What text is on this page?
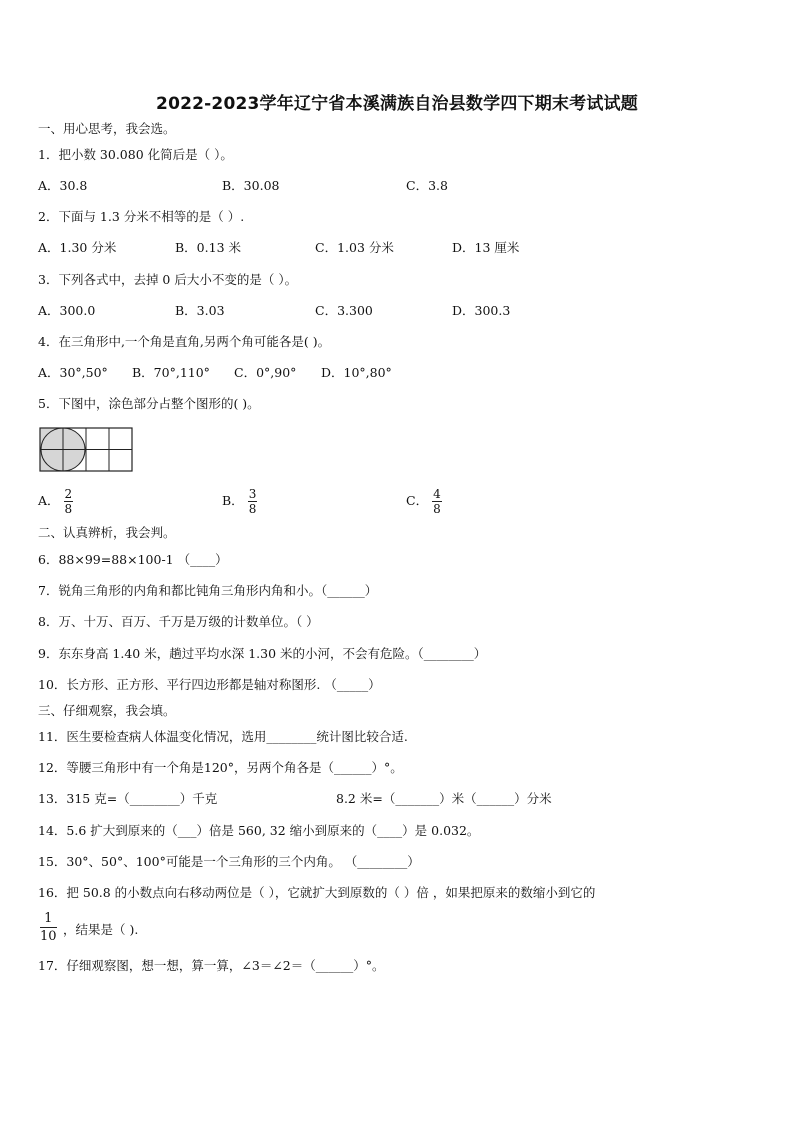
2022-2023学年辽宁省本溪满族自治县数学四下期末考试试题
一、用心思考，我会选。
1．把小数 30.080 化简后是（ ）。
A．30.8	B．30.08	C．3.8
2．下面与 1.3 分米不相等的是（ ）.
A．1.30 分米	B．0.13 米	C．1.03 分米	D．13 厘米
3．下列各式中，去掉 0 后大小不变的是（ ）。
A．300.0	B．3.03	C．3.300	D．300.3
4．在三角形中,一个角是直角,另两个角可能各是( )。
A．30°,50° B．70°,110° C．0°,90° D．10°,80°
5．下图中，涂色部分占整个图形的( )。
A． $\frac{2}{8}$	B． $\frac{3}{8}$	C． $\frac{4}{8}$
二、认真辨析，我会判。
6．88×99=88×100-1 （____）
7．锐角三角形的内角和都比钝角三角形内角和小。（______）
8．万、十万、百万、千万是万级的计数单位。（ ）
9．东东身高 1.40 米，趟过平均水深 1.30 米的小河，不会有危险。（________）
10．长方形、正方形、平行四边形都是轴对称图形. （_____）
三、仔细观察，我会填。
11．医生要检查病人体温变化情况，选用________统计图比较合适.
12．等腰三角形中有一个角是120°，另两个角各是（______）°。
13．315 克=（________）千克	8.2 米=（_______）米（______）分米
14．5.6 扩大到原来的（___）倍是 560, 32 缩小到原来的（____）是 0.032。
15．30°、50°、100°可能是一个三角形的三个内角。 （________）
16．把 50.8 的小数点向右移动两位是（ ），它就扩大到原数的（ ）倍 ，如果把原来的数缩小到它的
$\frac{1}{10}$ ，结果是（ ).
17．仔细观察图，想一想，算一算，∠3＝∠2＝（______）°。
